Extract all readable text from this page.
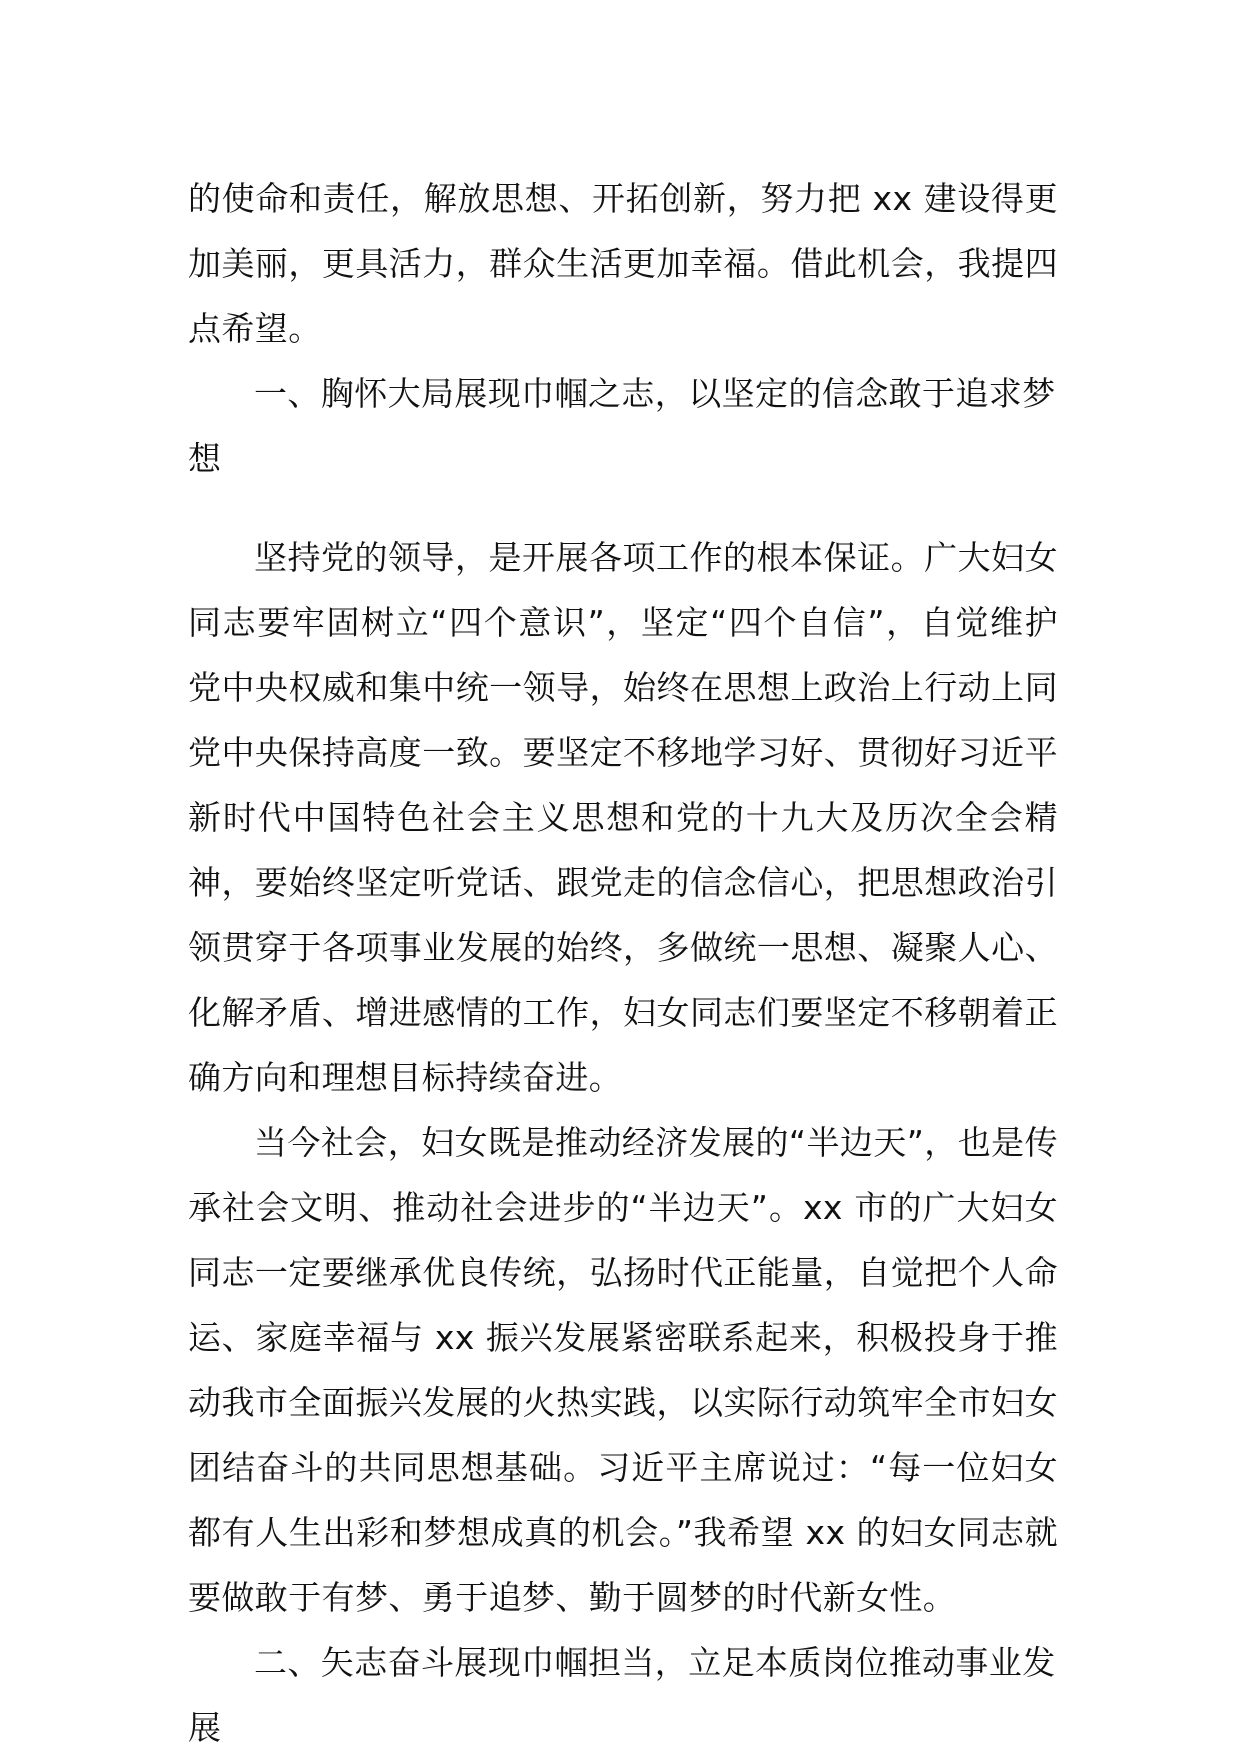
的使命和责任，解放思想、开拓创新，努力把 xx 建设得更加美丽，更具活力，群众生活更加幸福。借此机会，我提四点希望。

一、胸怀大局展现巾帼之志，以坚定的信念敢于追求梦想

坚持党的领导，是开展各项工作的根本保证。广大妇女同志要牢固树立“四个意识”，坚定“四个自信”，自觉维护党中央权威和集中统一领导，始终在思想上政治上行动上同党中央保持高度一致。要坚定不移地学习好、贯彻好习近平新时代中国特色社会主义思想和党的十九大及历次全会精神，要始终坚定听党话、跟党走的信念信心，把思想政治引领贯穿于各项事业发展的始终，多做统一思想、凝聚人心、化解矛盾、增进感情的工作，妇女同志们要坚定不移朝着正确方向和理想目标持续奋进。

当今社会，妇女既是推动经济发展的“半边天”，也是传承社会文明、推动社会进步的“半边天”。xx 市的广大妇女同志一定要继承优良传统，弘扬时代正能量，自觉把个人命运、家庭幸福与 xx 振兴发展紧密联系起来，积极投身于推动我市全面振兴发展的火热实践，以实际行动筑牢全市妇女团结奋斗的共同思想基础。习近平主席说过：“每一位妇女都有人生出彩和梦想成真的机会。”我希望 xx 的妇女同志就要做敢于有梦、勇于追梦、勤于圆梦的时代新女性。

二、矢志奋斗展现巾帼担当，立足本质岗位推动事业发展
